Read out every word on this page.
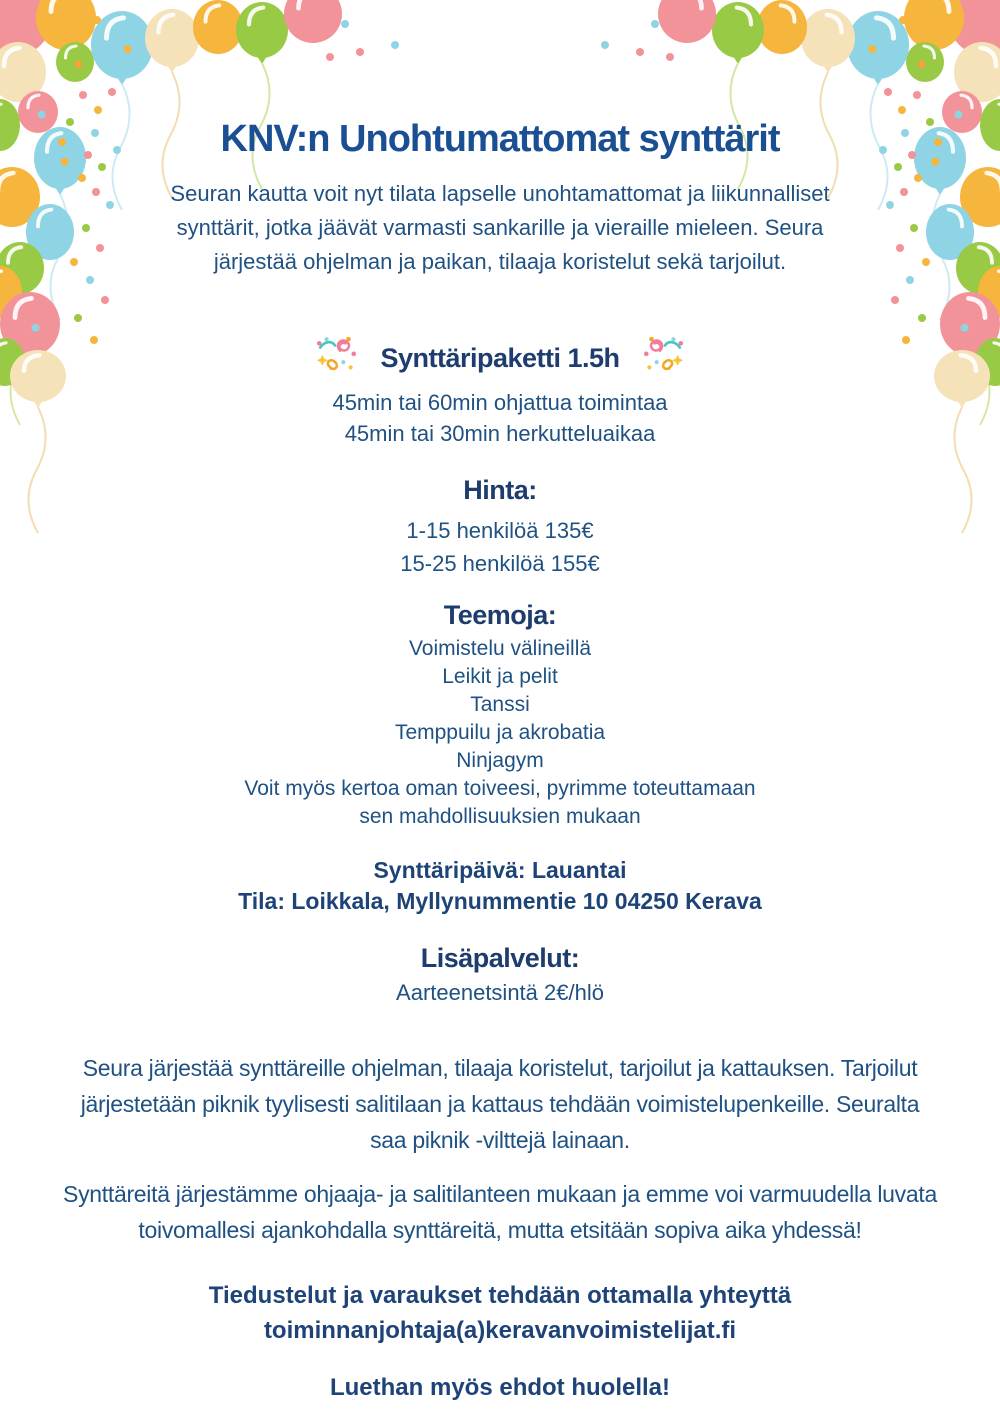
KNV:n Unohtumattomat synttärit
Seuran kautta voit nyt tilata lapselle unohtamattomat ja liikunnalliset
synttärit, jotka jäävät varmasti sankarille ja vieraille mieleen. Seura
järjestää ohjelman ja paikan, tilaaja koristelut sekä tarjoilut.
Synttäripaketti 1.5h
45min tai 60min ohjattua toimintaa
45min tai 30min herkutteluaikaa
Hinta:
1-15 henkilöä 135€
15-25 henkilöä 155€
Teemoja:
Voimistelu välineillä
Leikit ja pelit
Tanssi
Temppuilu ja akrobatia
Ninjagym
Voit myös kertoa oman toiveesi, pyrimme toteuttamaan
sen mahdollisuuksien mukaan
Synttäripäivä: Lauantai
Tila: Loikkala, Myllynummentie 10 04250 Kerava
Lisäpalvelut:
Aarteenetsintä 2€/hlö
Seura järjestää synttäreille ohjelman, tilaaja koristelut, tarjoilut ja kattauksen. Tarjoilut
järjestetään piknik tyylisesti salitilaan ja kattaus tehdään voimistelupenkeille. Seuralta
saa piknik -vilttejä lainaan.
Synttäreitä järjestämme ohjaaja- ja salitilanteen mukaan ja emme voi varmuudella luvata
toivomallesi ajankohdalla synttäreitä, mutta etsitään sopiva aika yhdessä!
Tiedustelut ja varaukset tehdään ottamalla yhteyttä
toiminnanjohtaja(a)keravanvoimistelijat.fi
Luethan myös ehdot huolella!
